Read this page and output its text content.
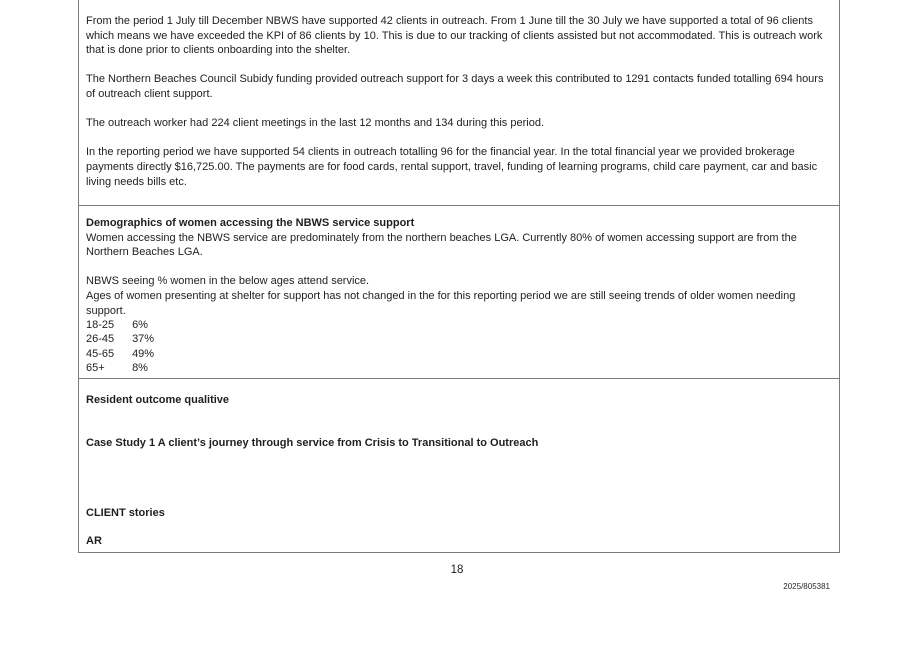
From the period 1 July till December NBWS have supported 42 clients in outreach. From 1 June till the 30 July we have supported a total of 96 clients which means we have exceeded the KPI of 86 clients by 10. This is due to our tracking of clients assisted but not accommodated. This is outreach work that is done prior to clients onboarding into the shelter.

The Northern Beaches Council Subidy funding provided outreach support for 3 days a week this contributed to 1291 contacts funded totalling 694 hours of outreach client support.

The outreach worker had 224 client meetings in the last 12 months and 134 during this period.

In the reporting period we have supported 54 clients in outreach totalling 96 for the financial year. In the total financial year we provided brokerage payments directly $16,725.00. The payments are for food cards, rental support, travel, funding of learning programs, child care payment, car and basic living needs bills etc.

Demographics of women accessing the NBWS service support

Women accessing the NBWS service are predominately from the northern beaches LGA. Currently 80% of women accessing support are from the Northern Beaches LGA.

NBWS seeing % women in the below ages attend service.

Ages of women presenting at shelter for support has not changed in the for this reporting period we are still seeing trends of older women needing support.

18-25 6%
26-45 37%
45-65 49%
65+ 8%

Resident outcome qualitive

Case Study 1 A client’s journey through service from Crisis to Transitional to Outreach

CLIENT stories

AR

18
2025/805381
